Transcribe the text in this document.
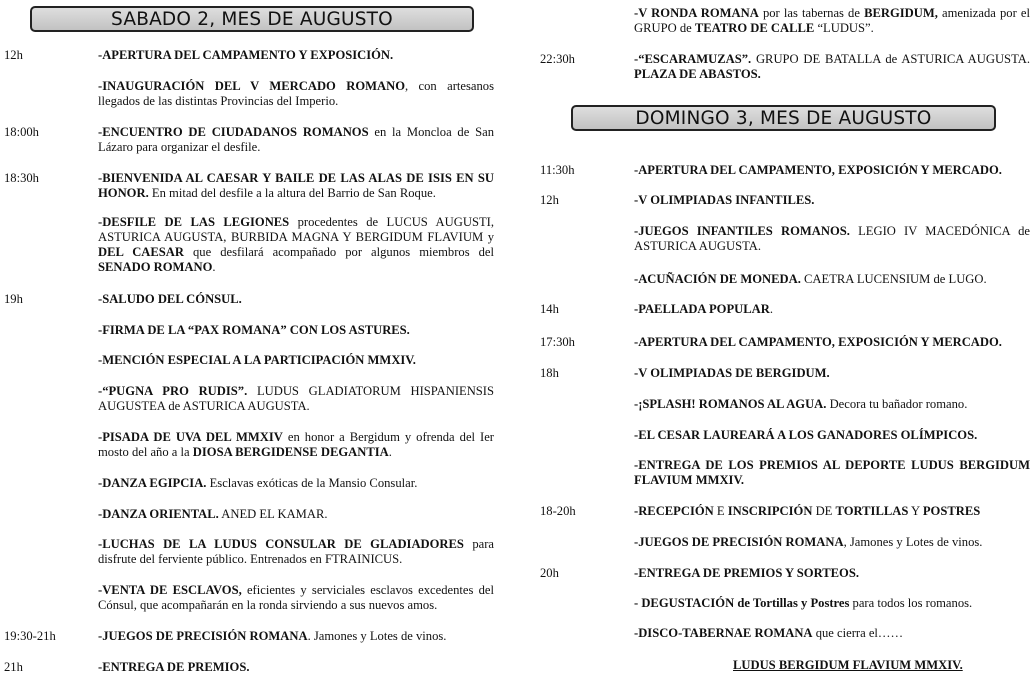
SABADO 2, MES DE AUGUSTO
12h	-APERTURA DEL CAMPAMENTO Y EXPOSICIÓN.
-INAUGURACIÓN DEL V MERCADO ROMANO, con artesanos llegados de las distintas Provincias del Imperio.
18:00h	-ENCUENTRO DE CIUDADANOS ROMANOS en la Moncloa de San Lázaro para organizar el desfile.
18:30h	-BIENVENIDA AL CAESAR Y BAILE DE LAS ALAS DE ISIS EN SU HONOR. En mitad del desfile a la altura del Barrio de San Roque.
-DESFILE DE LAS LEGIONES procedentes de LUCUS AUGUSTI, ASTURICA AUGUSTA, BURBIDA MAGNA Y BERGIDUM FLAVIUM y DEL CAESAR que desfilará acompañado por algunos miembros del SENADO ROMANO.
19h	-SALUDO DEL CÓNSUL.
-FIRMA DE LA “PAX ROMANA” CON LOS ASTURES.
-MENCIÓN ESPECIAL A LA PARTICIPACIÓN MMXIV.
-“PUGNA PRO RUDIS”. LUDUS GLADIATORUM HISPANIENSIS AUGUSTEA de ASTURICA AUGUSTA.
-PISADA DE UVA DEL MMXIV en honor a Bergidum y ofrenda del Ier mosto del año a la DIOSA BERGIDENSE DEGANTIA.
-DANZA EGIPCIA. Esclavas exóticas de la Mansio Consular.
-DANZA ORIENTAL. ANED EL KAMAR.
-LUCHAS DE LA LUDUS CONSULAR DE GLADIADORES para disfrute del ferviente público. Entrenados en FTRAINICUS.
-VENTA DE ESCLAVOS, eficientes y serviciales esclavos excedentes del Cónsul, que acompañarán en la ronda sirviendo a sus nuevos amos.
19:30-21h	-JUEGOS DE PRECISIÓN ROMANA. Jamones y Lotes de vinos.
21h	-ENTREGA DE PREMIOS.
-V RONDA ROMANA por las tabernas de BERGIDUM, amenizada por el GRUPO de TEATRO DE CALLE “LUDUS”.
22:30h	-“ESCARAMUZAS”. GRUPO DE BATALLA de ASTURICA AUGUSTA. PLAZA DE ABASTOS.
DOMINGO 3, MES DE AUGUSTO
11:30h	-APERTURA DEL CAMPAMENTO, EXPOSICIÓN Y MERCADO.
12h	-V OLIMPIADAS INFANTILES.
-JUEGOS INFANTILES ROMANOS. LEGIO IV MACEDÓNICA de ASTURICA AUGUSTA.
-ACUÑACIÓN DE MONEDA. CAETRA LUCENSIUM de LUGO.
14h	-PAELLADA POPULAR.
17:30h	-APERTURA DEL CAMPAMENTO, EXPOSICIÓN Y MERCADO.
18h	-V OLIMPIADAS DE BERGIDUM.
-¡SPLASH! ROMANOS AL AGUA. Decora tu bañador romano.
-EL CESAR LAUREARÁ A LOS GANADORES OLÍMPICOS.
-ENTREGA DE LOS PREMIOS AL DEPORTE LUDUS BERGIDUM FLAVIUM MMXIV.
18-20h	-RECEPCIÓN E INSCRIPCIÓN DE TORTILLAS Y POSTRES
-JUEGOS DE PRECISIÓN ROMANA, Jamones y Lotes de vinos.
20h	-ENTREGA DE PREMIOS Y SORTEOS.
- DEGUSTACIÓN de Tortillas y Postres para todos los romanos.
-DISCO-TABERNAE ROMANA que cierra el……
LUDUS BERGIDUM FLAVIUM MMXIV.
